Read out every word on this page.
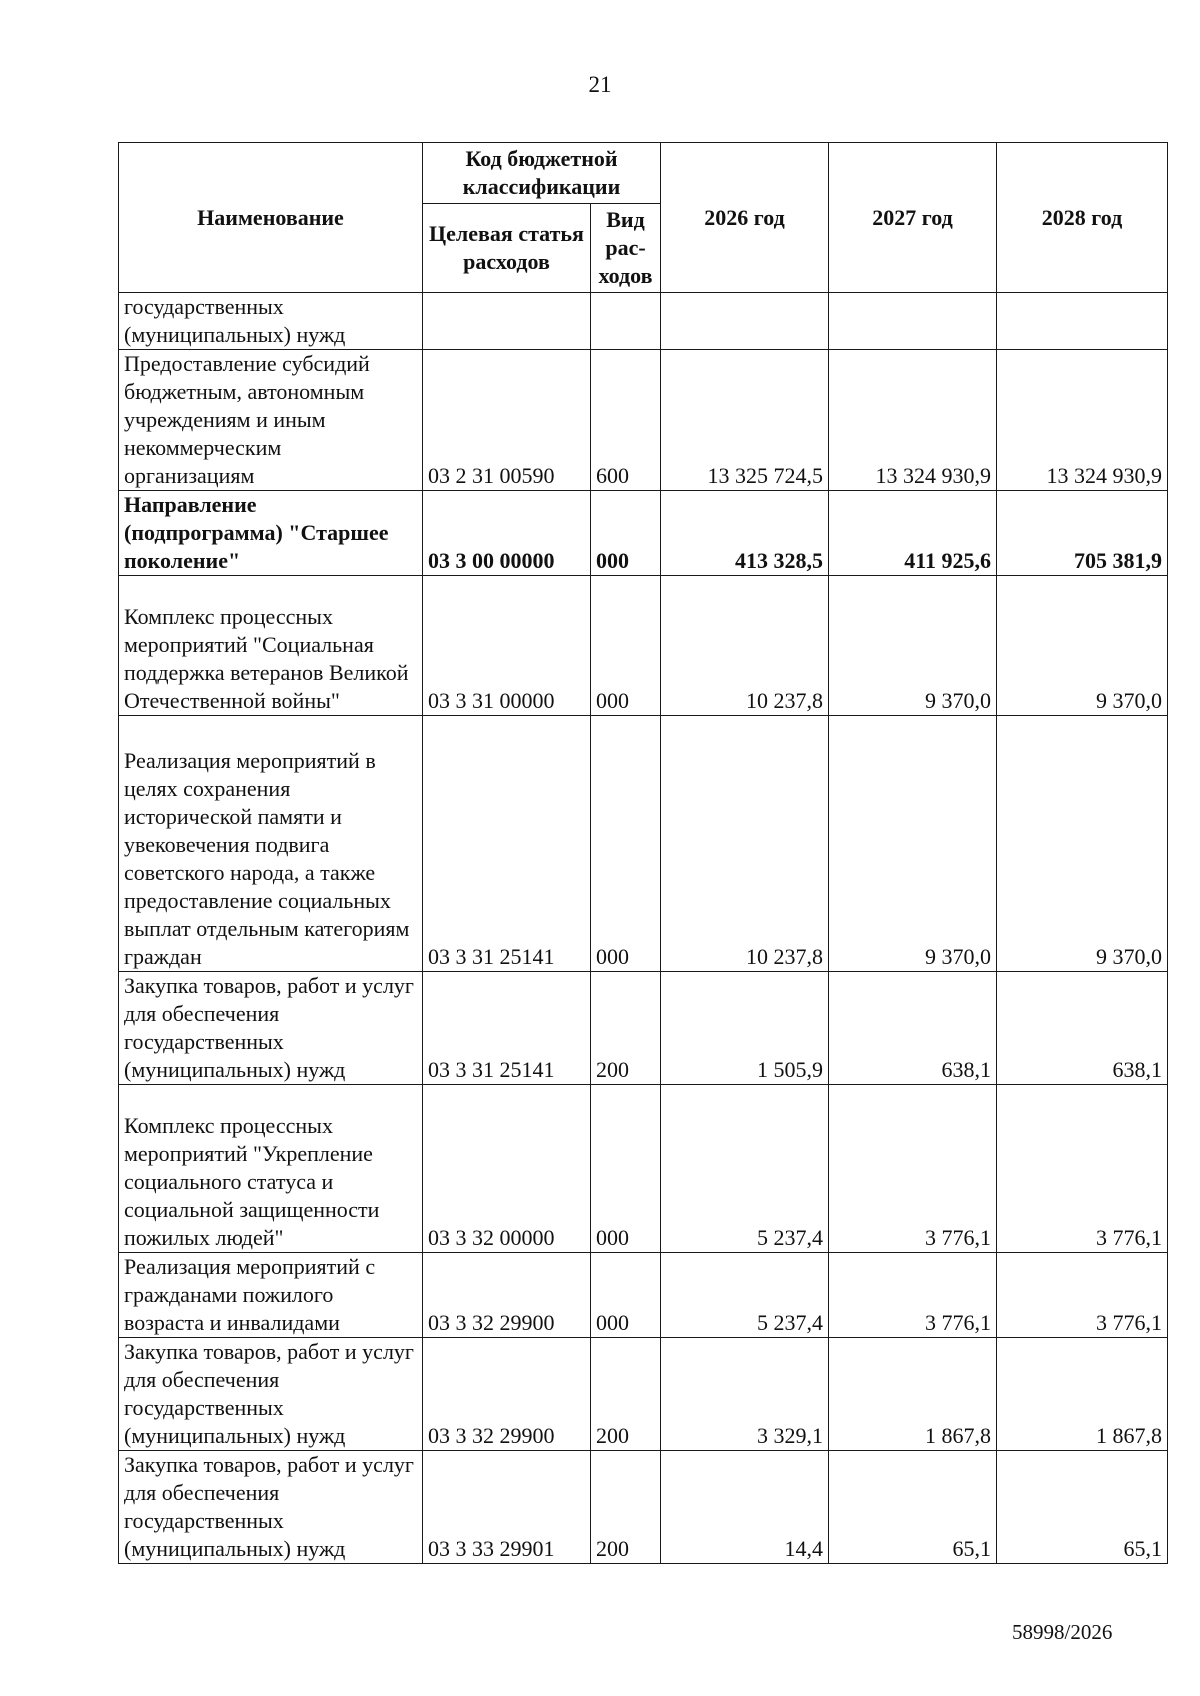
21
Наименование	Код бюджетной классификации		2026 год	2027 год	2028 год
	Целевая статья расходов	Вид рас-ходов			
государственных (муниципальных) нужд					
Предоставление субсидий бюджетным, автономным учреждениям и иным некоммерческим организациям	03 2 31 00590	600	13 325 724,5	13 324 930,9	13 324 930,9
Направление (подпрограмма) "Старшее поколение"	03 3 00 00000	000	413 328,5	411 925,6	705 381,9
Комплекс процессных мероприятий "Социальная поддержка ветеранов Великой Отечественной войны"	03 3 31 00000	000	10 237,8	9 370,0	9 370,0
Реализация мероприятий в целях сохранения исторической памяти и увековечения подвига советского народа, а также предоставление социальных выплат отдельным категориям граждан	03 3 31 25141	000	10 237,8	9 370,0	9 370,0
Закупка товаров, работ и услуг для обеспечения государственных (муниципальных) нужд	03 3 31 25141	200	1 505,9	638,1	638,1
Комплекс процессных мероприятий "Укрепление социального статуса и социальной защищенности пожилых людей"	03 3 32 00000	000	5 237,4	3 776,1	3 776,1
Реализация мероприятий с гражданами пожилого возраста и инвалидами	03 3 32 29900	000	5 237,4	3 776,1	3 776,1
Закупка товаров, работ и услуг для обеспечения государственных (муниципальных) нужд	03 3 32 29900	200	3 329,1	1 867,8	1 867,8
Закупка товаров, работ и услуг для обеспечения государственных (муниципальных) нужд	03 3 33 29901	200	14,4	65,1	65,1
58998/2026
